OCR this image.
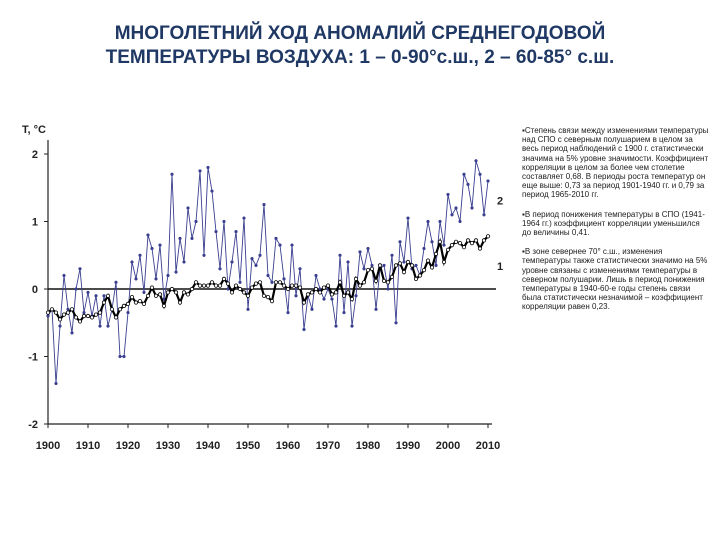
МНОГОЛЕТНИЙ ХОД АНОМАЛИЙ СРЕДНЕГОДОВОЙ
ТЕМПЕРАТУРЫ ВОЗДУХА: 1 – 0-90°с.ш., 2 – 60-85° с.ш.
T, °C
2
1
0
-1
-2
1900 1910 1920 1930 1940 1950 1960 1970 1980 1990 2000 2010
2
1

▪Степень связи между изменениями температуры над СПО с северным полушарием в целом за весь период наблюдений с 1900 г. статистически значима на 5% уровне значимости. Коэффициент корреляции в целом за более чем столетие составляет 0,68. В периоды роста температур он еще выше: 0,73 за период 1901-1940 гг. и 0,79 за период 1965-2010 гг.

▪В период понижения температуры в СПО (1941-1964 гг.) коэффициент корреляции уменьшился до величины 0,41.

▪В зоне севернее 70° с.ш., изменения температуры также статистически значимо на 5% уровне связаны с изменениями температуры в северном полушарии. Лишь в период понижения температуры в 1940-60-е годы степень связи была статистически незначимой – коэффициент корреляции равен 0,23.
